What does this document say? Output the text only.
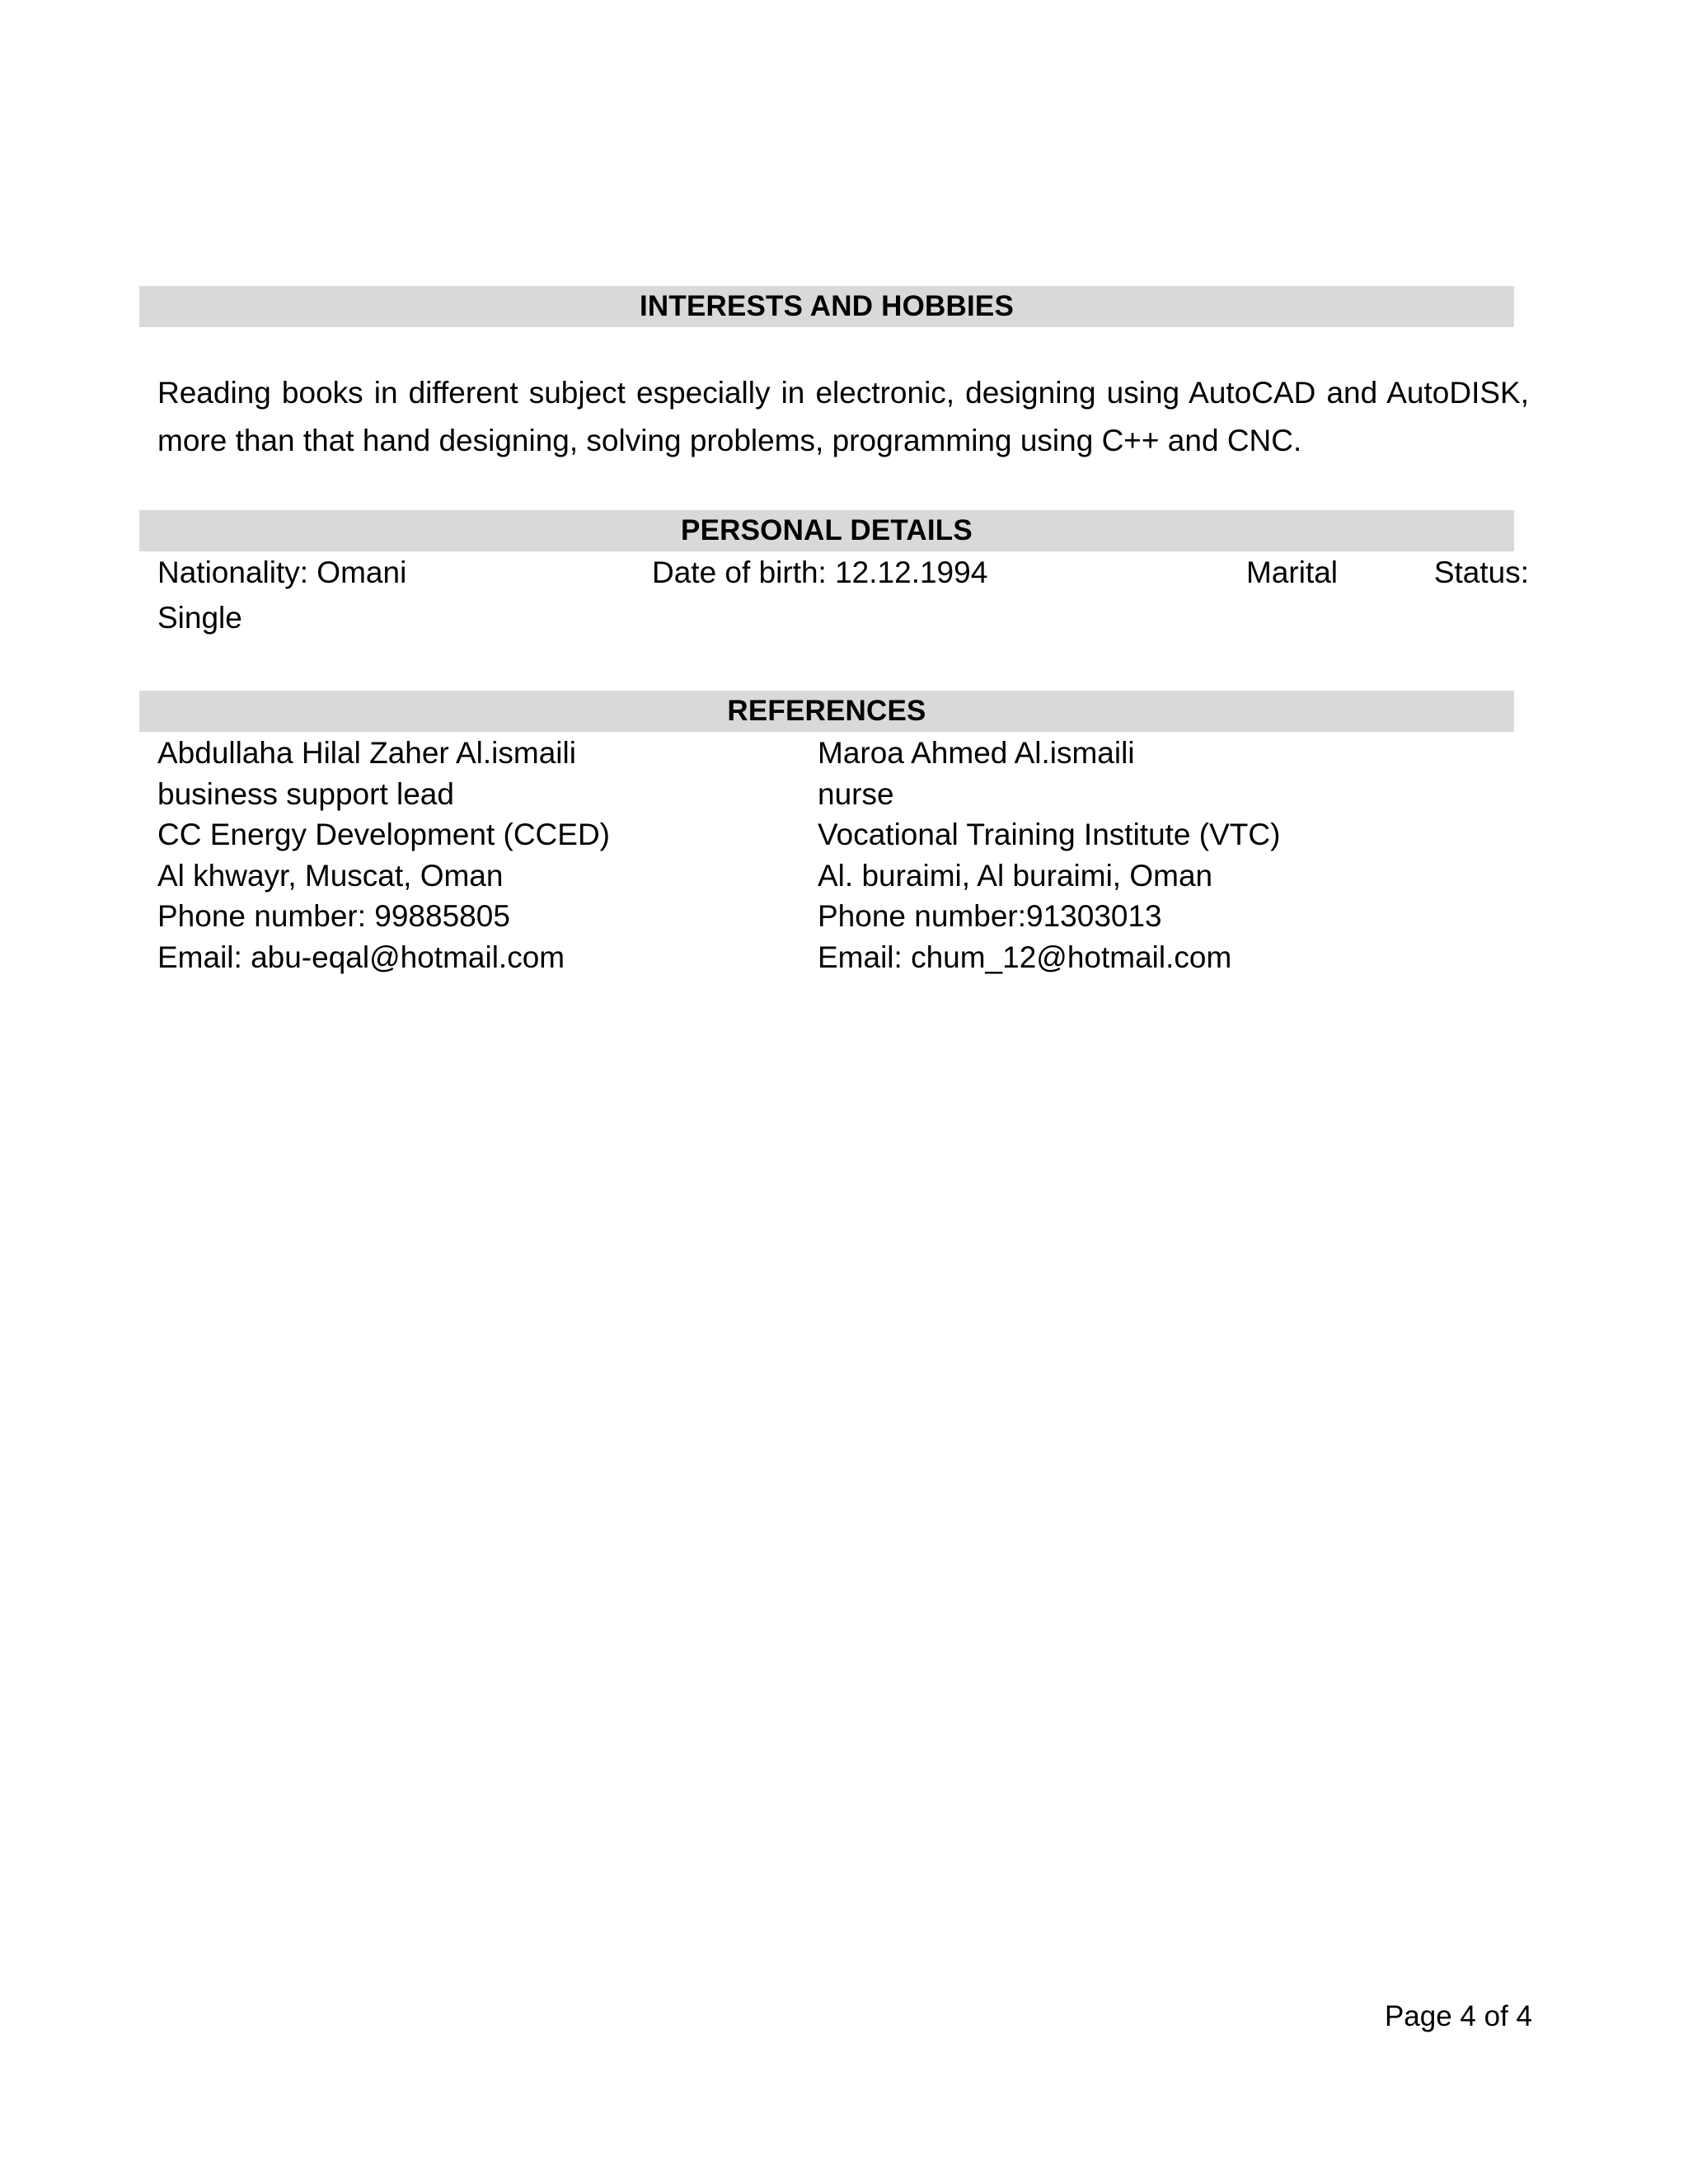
INTERESTS AND HOBBIES
Reading books in different subject especially in electronic, designing using AutoCAD and AutoDISK,
more than that hand designing, solving problems, programming using C++ and CNC.
PERSONAL DETAILS
Nationality: Omani	Date of birth: 12.12.1994	Marital	Status:
Single
REFERENCES
Abdullaha Hilal Zaher Al.ismaili
business support lead
CC Energy Development (CCED)
Al khwayr, Muscat, Oman
Phone number: 99885805
Email: abu-eqal@hotmail.com
Maroa Ahmed Al.ismaili
nurse
Vocational Training Institute (VTC)
Al. buraimi, Al buraimi, Oman
Phone number:91303013
Email: chum_12@hotmail.com
Page 4 of 4
